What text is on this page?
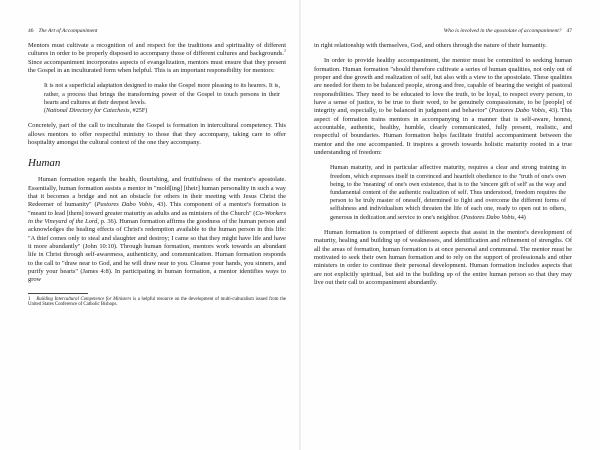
46 The Art of Accompaniment

Mentors must cultivate a recognition of and respect for the traditions and spirituality of different cultures in order to be properly disposed to accompany those of different cultures and backgrounds.$^1$ Since accompaniment incorporates aspects of evangelization, mentors must ensure that they present the Gospel in an inculturated form when helpful. This is an important responsibility for mentors:

It is not a superficial adaptation designed to make the Gospel more pleasing to its hearers. It is, rather, a process that brings the transforming power of the Gospel to touch persons in their hearts and cultures at their deepest levels.
(National Directory for Catechesis, #25F)

Concretely, part of the call to inculturate the Gospel is formation in intercultural competency. This allows mentors to offer respectful ministry to those that they accompany, taking care to offer hospitality amongst the cultural context of the one they accompany.

Human

Human formation regards the health, flourishing, and fruitfulness of the mentor's apostolate. Essentially, human formation assists a mentor in "mold[ing] [their] human personality in such a way that it becomes a bridge and not an obstacle for others in their meeting with Jesus Christ the Redeemer of humanity" (Pastores Dabo Vobis, 43). This component of a mentor's formation is "meant to lead [them] toward greater maturity as adults and as ministers of the Church" (Co-Workers in the Vineyard of the Lord, p. 36). Human formation affirms the goodness of the human person and acknowledges the healing effects of Christ's redemption available to the human person in this life: "A thief comes only to steal and slaughter and destroy; I came so that they might have life and have it more abundantly" (John 10:10). Through human formation, mentors work towards an abundant life in Christ through self-awareness, authenticity, and communication. Human formation responds to the call to "draw near to God, and he will draw near to you. Cleanse your hands, you sinners, and purify your hearts" (James 4:8). In participating in human formation, a mentor identifies ways to grow

1 Building Intercultural Competence for Ministers is a helpful resource on the development of multi-culturalism issued from the United States Conference of Catholic Bishops.
Who is involved in the apostolate of accompaniment? 47

in right relationship with themselves, God, and others through the nature of their humanity.

In order to provide healthy accompaniment, the mentor must be committed to seeking human formation. Human formation "should therefore cultivate a series of human qualities, not only out of proper and due growth and realization of self, but also with a view to the apostolate. These qualities are needed for them to be balanced people, strong and free, capable of bearing the weight of pastoral responsibilities. They need to be educated to love the truth, to be loyal, to respect every person, to have a sense of justice, to be true to their word, to be genuinely compassionate, to be [people] of integrity and, especially, to be balanced in judgment and behavior" (Pastores Dabo Vobis, 43). This aspect of formation trains mentors in accompanying in a manner that is self-aware, honest, accountable, authentic, healthy, humble, clearly communicated, fully present, realistic, and respectful of boundaries. Human formation helps facilitate fruitful accompaniment between the mentor and the one accompanied. It inspires a growth towards holistic maturity rooted in a true understanding of freedom:

Human maturity, and in particular affective maturity, requires a clear and strong training in freedom, which expresses itself in convinced and heartfelt obedience to the "truth of one's own being, to the 'meaning' of one's own existence, that is to the 'sincere gift of self' as the way and fundamental content of the authentic realization of self. Thus understood, freedom requires the person to be truly master of oneself, determined to fight and overcome the different forms of selfishness and individualism which threaten the life of each one, ready to open out to others, generous in dedication and service to one's neighbor. (Pastores Dabo Vobis, 44)

Human formation is comprised of different aspects that assist in the mentor's development of maturity, healing and building up of weaknesses, and identification and refinement of strengths. Of all the areas of formation, human formation is at once personal and communal. The mentor must be motivated to seek their own human formation and to rely on the support of professionals and other ministers in order to continue their personal development. Human formation includes aspects that are not explicitly spiritual, but aid in the building up of the entire human person so that they may live out their call to accompaniment abundantly.
